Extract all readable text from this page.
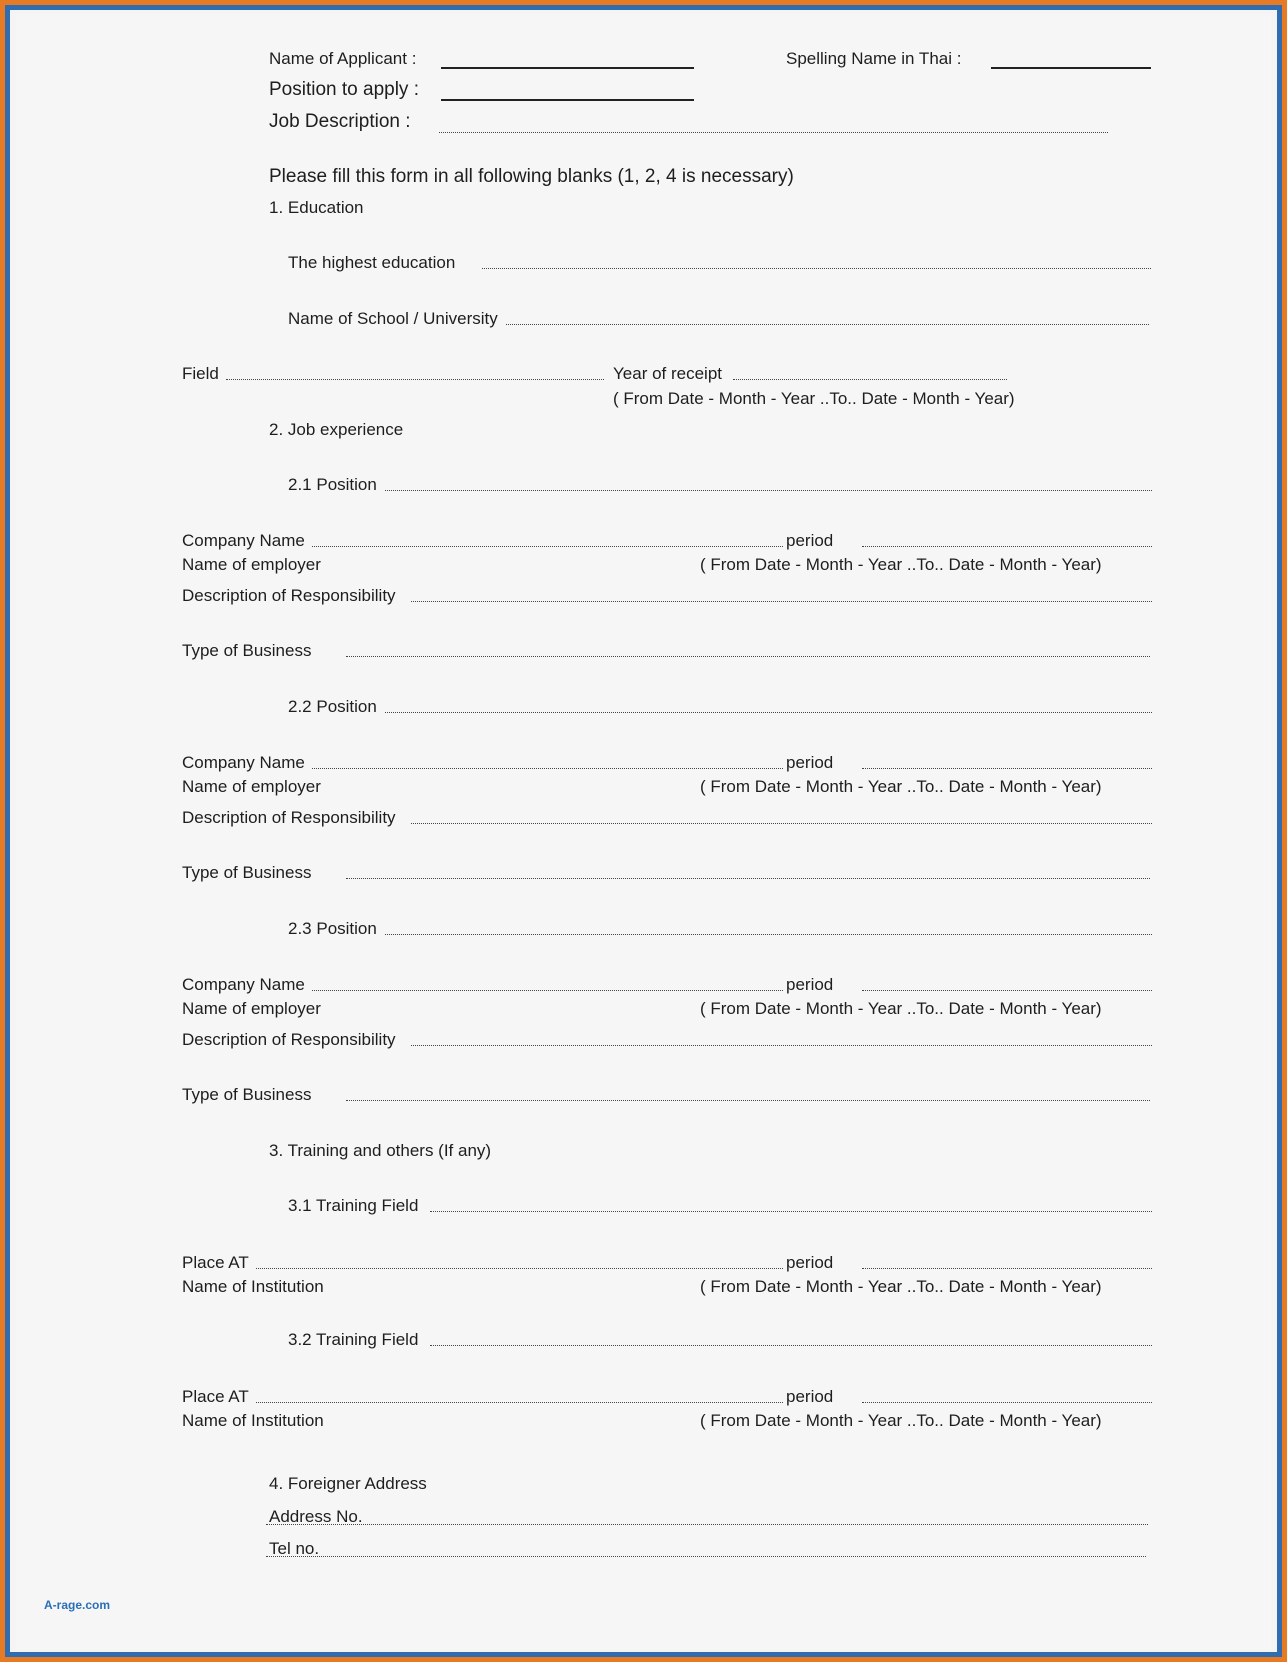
Name of Applicant :	Spelling Name in Thai :
Position to apply :
Job Description :
Please fill this form in all following blanks (1, 2, 4 is necessary)
1. Education
The highest education
Name of School / University
Field	Year of receipt
( From Date - Month - Year ..To.. Date - Month - Year)
2. Job experience
2.1 Position
Company Name	period
Name of employer	( From Date - Month - Year ..To.. Date - Month - Year)
Description of Responsibility
Type of Business
2.2 Position
Company Name	period
Name of employer	( From Date - Month - Year ..To.. Date - Month - Year)
Description of Responsibility
Type of Business
2.3 Position
Company Name	period
Name of employer	( From Date - Month - Year ..To.. Date - Month - Year)
Description of Responsibility
Type of Business
3. Training and others (If any)
3.1 Training Field
Place AT	period
Name of Institution	( From Date - Month - Year ..To.. Date - Month - Year)
3.2 Training Field
Place AT	period
Name of Institution	( From Date - Month - Year ..To.. Date - Month - Year)
4. Foreigner Address
Address No.
Tel no.
A-rage.com
